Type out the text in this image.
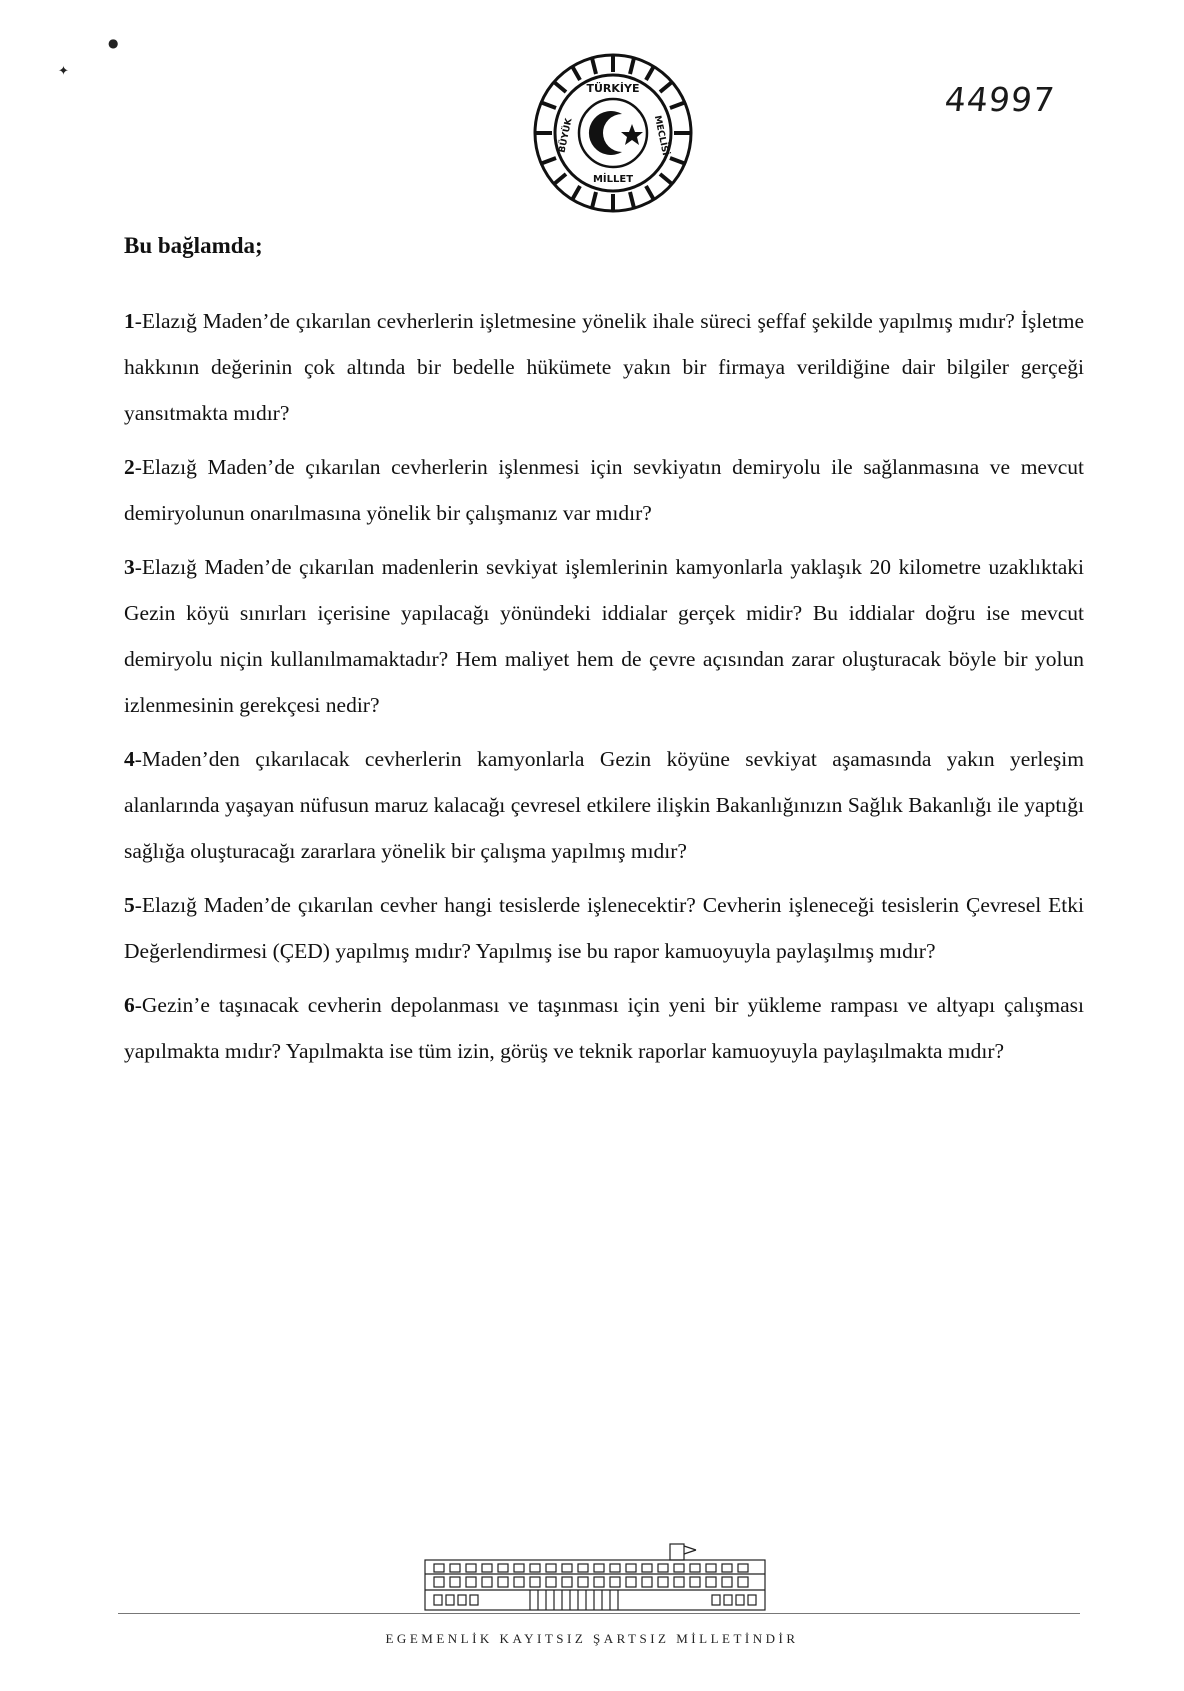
●
✦
TÜRKİYE
MİLLET
BÜYÜK	MECLİSİ
44997
Bu bağlamda;

1-Elazığ Maden’de çıkarılan cevherlerin işletmesine yönelik ihale süreci şeffaf şekilde yapılmış mıdır? İşletme hakkının değerinin çok altında bir bedelle hükümete yakın bir firmaya verildiğine dair bilgiler gerçeği yansıtmakta mıdır?

2-Elazığ Maden’de çıkarılan cevherlerin işlenmesi için sevkiyatın demiryolu ile sağlanmasına ve mevcut demiryolunun onarılmasına yönelik bir çalışmanız var mıdır?

3-Elazığ Maden’de çıkarılan madenlerin sevkiyat işlemlerinin kamyonlarla yaklaşık 20 kilometre uzaklıktaki Gezin köyü sınırları içerisine yapılacağı yönündeki iddialar gerçek midir? Bu iddialar doğru ise mevcut demiryolu niçin kullanılmamaktadır? Hem maliyet hem de çevre açısından zarar oluşturacak böyle bir yolun izlenmesinin gerekçesi nedir?

4-Maden’den çıkarılacak cevherlerin kamyonlarla Gezin köyüne sevkiyat aşamasında yakın yerleşim alanlarında yaşayan nüfusun maruz kalacağı çevresel etkilere ilişkin Bakanlığınızın Sağlık Bakanlığı ile yaptığı sağlığa oluşturacağı zararlara yönelik bir çalışma yapılmış mıdır?

5-Elazığ Maden’de çıkarılan cevher hangi tesislerde işlenecektir? Cevherin işleneceği tesislerin Çevresel Etki Değerlendirmesi (ÇED) yapılmış mıdır? Yapılmış ise bu rapor kamuoyuyla paylaşılmış mıdır?

6-Gezin’e taşınacak cevherin depolanması ve taşınması için yeni bir yükleme rampası ve altyapı çalışması yapılmakta mıdır? Yapılmakta ise tüm izin, görüş ve teknik raporlar kamuoyuyla paylaşılmakta mıdır?

EGEMENLİK KAYITSIZ ŞARTSIZ MİLLETİNDİR
